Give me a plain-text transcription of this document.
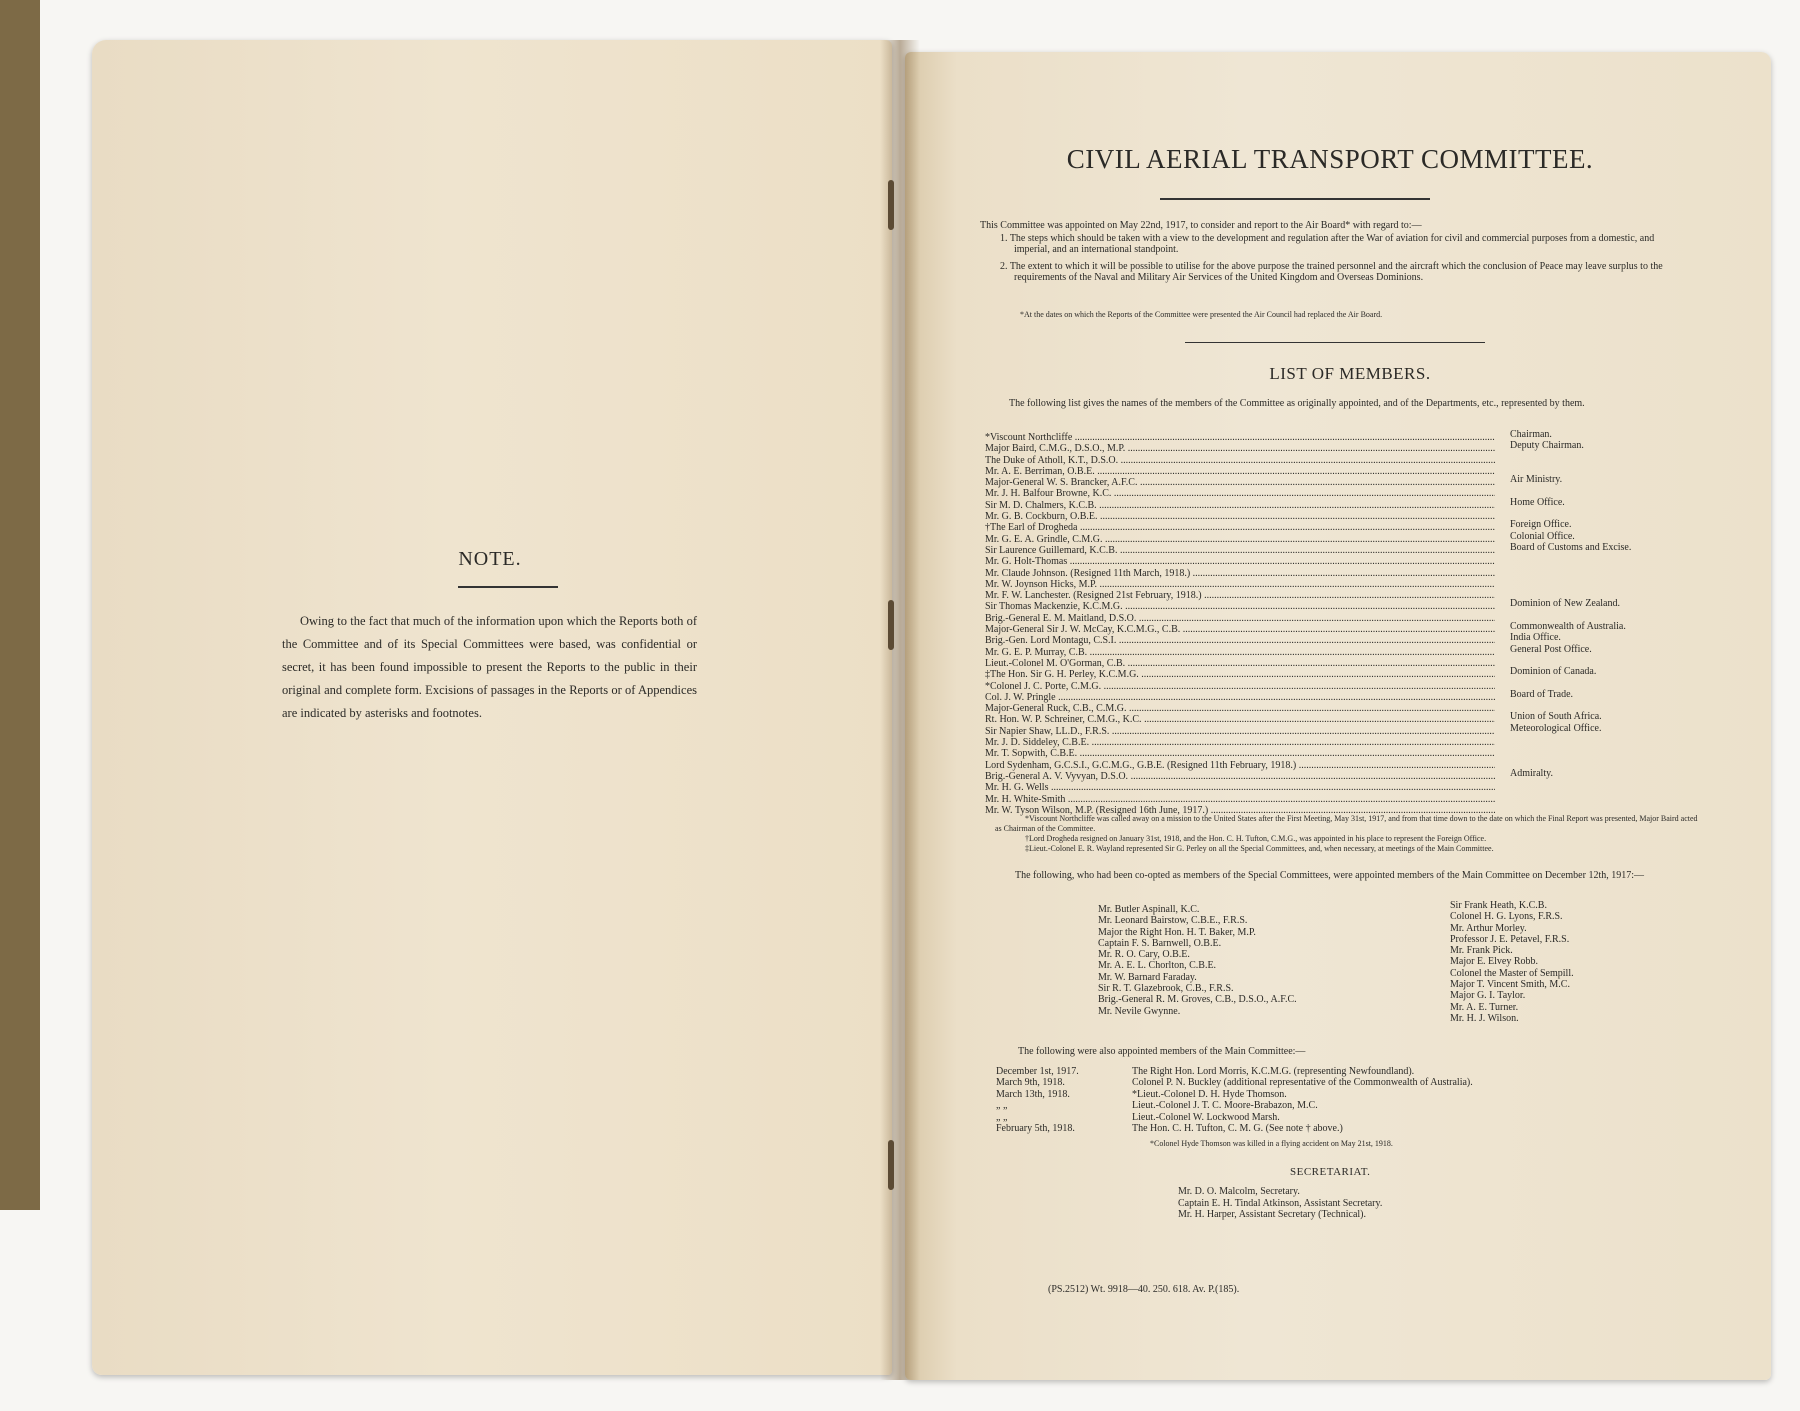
NOTE.
Owing to the fact that much of the information upon which the Reports both of the Committee and of its Special Committees were based, was confidential or secret, it has been found impossible to present the Reports to the public in their original and complete form. Excisions of passages in the Reports or of Appendices are indicated by asterisks and footnotes.
CIVIL AERIAL TRANSPORT COMMITTEE.
This Committee was appointed on May 22nd, 1917, to consider and report to the Air Board* with regard to:—
1. The steps which should be taken with a view to the development and regulation after the War of aviation for civil and commercial purposes from a domestic, and imperial, and an international standpoint.
2. The extent to which it will be possible to utilise for the above purpose the trained personnel and the aircraft which the conclusion of Peace may leave surplus to the requirements of the Naval and Military Air Services of the United Kingdom and Overseas Dominions.
*At the dates on which the Reports of the Committee were presented the Air Council had replaced the Air Board.
LIST OF MEMBERS.
The following list gives the names of the members of the Committee as originally appointed, and of the Departments, etc., represented by them.
*Viscount Northcliffe .....	Chairman.
Major Baird, C.M.G., D.S.O., M.P. .....	Deputy Chairman.
The Duke of Atholl, K.T., D.S.O. .....
Mr. A. E. Berriman, O.B.E. .....
Major-General W. S. Brancker, A.F.C. .....	Air Ministry.
Mr. J. H. Balfour Browne, K.C. .....
Sir M. D. Chalmers, K.C.B. .....	Home Office.
Mr. G. B. Cockburn, O.B.E. .....
†The Earl of Drogheda .....	Foreign Office.
Mr. G. E. A. Grindle, C.M.G. .....	Colonial Office.
Sir Laurence Guillemard, K.C.B. .....	Board of Customs and Excise.
Mr. G. Holt-Thomas .....
Mr. Claude Johnson. (Resigned 11th March, 1918.) .....
Mr. W. Joynson Hicks, M.P. .....
Mr. F. W. Lanchester. (Resigned 21st February, 1918.) .....
Sir Thomas Mackenzie, K.C.M.G. .....	Dominion of New Zealand.
Brig.-General E. M. Maitland, D.S.O. .....
Major-General Sir J. W. McCay, K.C.M.G., C.B. .....	Commonwealth of Australia.
Brig.-Gen. Lord Montagu, C.S.I. .....	India Office.
Mr. G. E. P. Murray, C.B. .....	General Post Office.
Lieut.-Colonel M. O'Gorman, C.B. .....
‡The Hon. Sir G. H. Perley, K.C.M.G. .....	Dominion of Canada.
*Colonel J. C. Porte, C.M.G. .....
Col. J. W. Pringle .....	Board of Trade.
Major-General Ruck, C.B., C.M.G. .....
Rt. Hon. W. P. Schreiner, C.M.G., K.C. .....	Union of South Africa.
Sir Napier Shaw, LL.D., F.R.S. .....	Meteorological Office.
Mr. J. D. Siddeley, C.B.E. .....
Mr. T. Sopwith, C.B.E. .....
Lord Sydenham, G.C.S.I., G.C.M.G., G.B.E. (Resigned 11th February, 1918.) .....
Brig.-General A. V. Vyvyan, D.S.O. .....	Admiralty.
Mr. H. G. Wells .....
Mr. H. White-Smith .....
Mr. W. Tyson Wilson, M.P. (Resigned 16th June, 1917.) .....
*Viscount Northcliffe was called away on a mission to the United States after the First Meeting, May 31st, 1917, and from that time down to the date on which the Final Report was presented, Major Baird acted as Chairman of the Committee.
†Lord Drogheda resigned on January 31st, 1918, and the Hon. C. H. Tufton, C.M.G., was appointed in his place to represent the Foreign Office.
‡Lieut.-Colonel E. R. Wayland represented Sir G. Perley on all the Special Committees, and, when necessary, at meetings of the Main Committee.
The following, who had been co-opted as members of the Special Committees, were appointed members of the Main Committee on December 12th, 1917:—
Mr. Butler Aspinall, K.C.
Mr. Leonard Bairstow, C.B.E., F.R.S.
Major the Right Hon. H. T. Baker, M.P.
Captain F. S. Barnwell, O.B.E.
Mr. R. O. Cary, O.B.E.
Mr. A. E. L. Chorlton, C.B.E.
Mr. W. Barnard Faraday.
Sir R. T. Glazebrook, C.B., F.R.S.
Brig.-General R. M. Groves, C.B., D.S.O., A.F.C.
Mr. Nevile Gwynne.
Sir Frank Heath, K.C.B.
Colonel H. G. Lyons, F.R.S.
Mr. Arthur Morley.
Professor J. E. Petavel, F.R.S.
Mr. Frank Pick.
Major E. Elvey Robb.
Colonel the Master of Sempill.
Major T. Vincent Smith, M.C.
Major G. I. Taylor.
Mr. A. E. Turner.
Mr. H. J. Wilson.
The following were also appointed members of the Main Committee:—
December 1st, 1917.	The Right Hon. Lord Morris, K.C.M.G. (representing Newfoundland).
March 9th, 1918.	Colonel P. N. Buckley (additional representative of the Commonwealth of Australia).
March 13th, 1918.	*Lieut.-Colonel D. H. Hyde Thomson.
„ „	Lieut.-Colonel J. T. C. Moore-Brabazon, M.C.
„ „	Lieut.-Colonel W. Lockwood Marsh.
February 5th, 1918.	The Hon. C. H. Tufton, C. M. G. (See note † above.)
*Colonel Hyde Thomson was killed in a flying accident on May 21st, 1918.
SECRETARIAT.
Mr. D. O. Malcolm, Secretary.
Captain E. H. Tindal Atkinson, Assistant Secretary.
Mr. H. Harper, Assistant Secretary (Technical).
(PS.2512) Wt. 9918—40. 250. 618. Av. P.(185).
